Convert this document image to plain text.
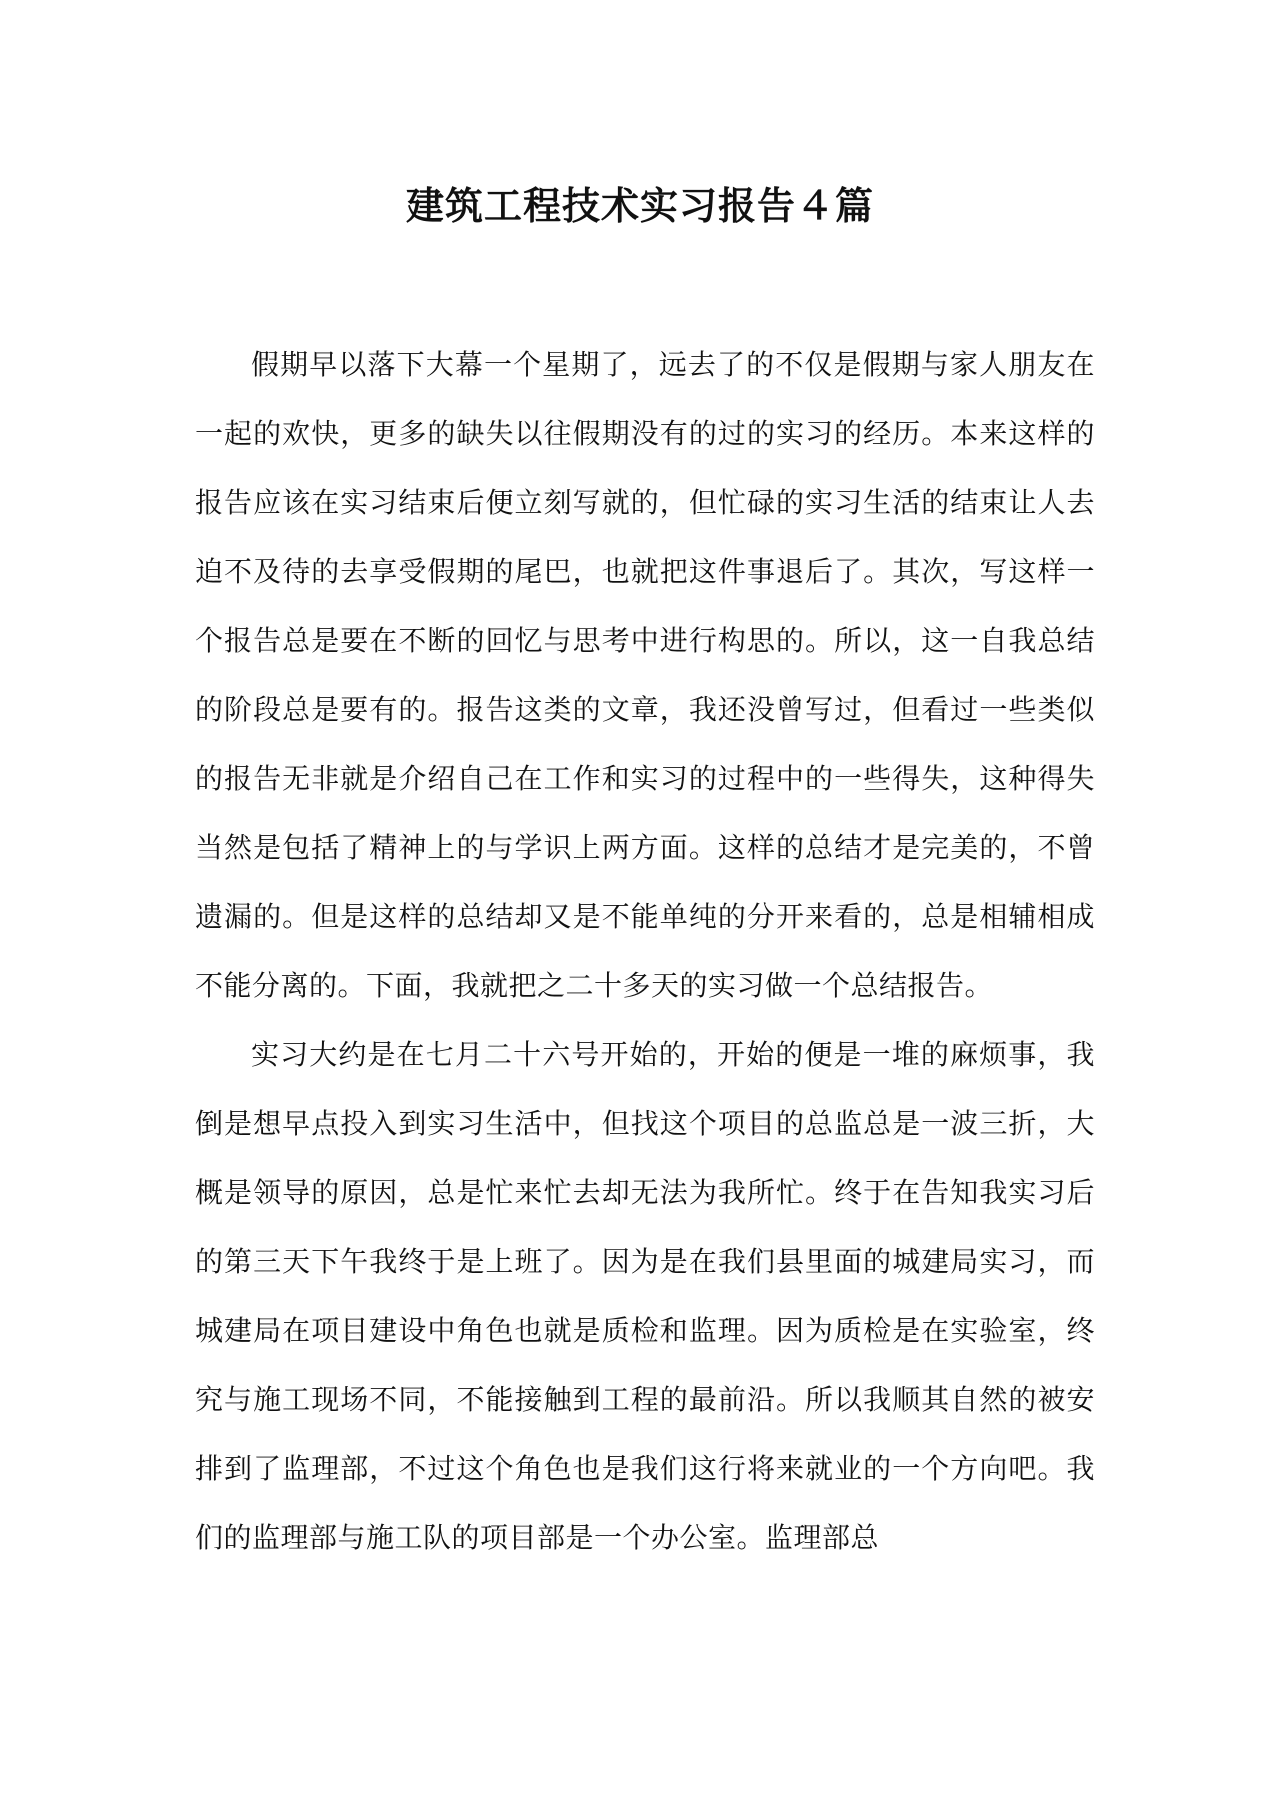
建筑工程技术实习报告４篇

假期早以落下大幕一个星期了，远去了的不仅是假期与家人朋友在一起的欢快，更多的缺失以往假期没有的过的实习的经历。本来这样的报告应该在实习结束后便立刻写就的，但忙碌的实习生活的结束让人去迫不及待的去享受假期的尾巴，也就把这件事退后了。其次，写这样一个报告总是要在不断的回忆与思考中进行构思的。所以，这一自我总结的阶段总是要有的。报告这类的文章，我还没曾写过，但看过一些类似的报告无非就是介绍自己在工作和实习的过程中的一些得失，这种得失当然是包括了精神上的与学识上两方面。这样的总结才是完美的，不曾遗漏的。但是这样的总结却又是不能单纯的分开来看的，总是相辅相成不能分离的。下面，我就把之二十多天的实习做一个总结报告。

实习大约是在七月二十六号开始的，开始的便是一堆的麻烦事，我倒是想早点投入到实习生活中，但找这个项目的总监总是一波三折，大概是领导的原因，总是忙来忙去却无法为我所忙。终于在告知我实习后的第三天下午我终于是上班了。因为是在我们县里面的城建局实习，而城建局在项目建设中角色也就是质检和监理。因为质检是在实验室，终究与施工现场不同，不能接触到工程的最前沿。所以我顺其自然的被安排到了监理部，不过这个角色也是我们这行将来就业的一个方向吧。我们的监理部与施工队的项目部是一个办公室。监理部总
